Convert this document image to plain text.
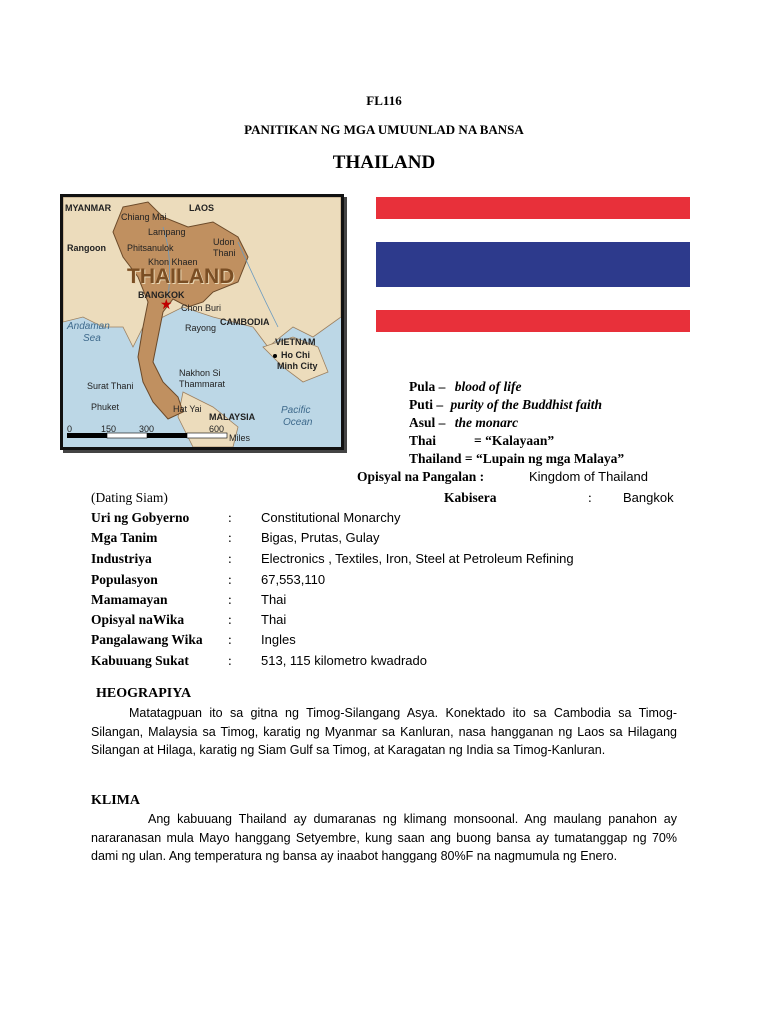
FL116
PANITIKAN NG MGA UMUUNLAD NA BANSA
THAILAND
MYANMAR	LAOS
Chiang Mai
Lampang
Rangoon Phitsanulok
Udon
Thani
Khon Khaen
THAILAND
BANGKOK
★ Chon Buri
Rayong
CAMBODIA
Andaman
Sea	VIETNAM
Ho Chi
Minh City
Nakhon Si
Thammarat
Surat Thani
Phuket	Hat Yai
MALAYSIA
Pacific
Ocean
0	150	300	600
Miles
Pula – blood of life
Puti – purity of the Buddhist faith
Asul – the monarc
Thai	= “Kalayaan”
Thailand = “Lupain ng mga Malaya”
Opisyal na Pangalan :	Kingdom of Thailand
(Dating Siam)	Kabisera	: Bangkok
Uri ng Gobyerno	: Constitutional Monarchy
Mga Tanim	: Bigas, Prutas, Gulay
Industriya	: Electronics , Textiles, Iron, Steel at Petroleum Refining
Populasyon	: 67,553,110
Mamamayan	: Thai
Opisyal naWika	: Thai
Pangalawang Wika : Ingles
Kabuuang Sukat	: 513, 115 kilometro kwadrado
HEOGRAPIYA
Matatagpuan ito sa gitna ng Timog-Silangang Asya. Konektado ito sa Cambodia sa Timog-Silangan, Malaysia sa Timog, karatig ng Myanmar sa Kanluran, nasa hangganan ng Laos sa Hilagang Silangan at Hilaga, karatig ng Siam Gulf sa Timog, at Karagatan ng India sa Timog-Kanluran.
KLIMA
Ang kabuuang Thailand ay dumaranas ng klimang monsoonal. Ang maulang panahon ay nararanasan mula Mayo hanggang Setyembre, kung saan ang buong bansa ay tumatanggap ng 70% dami ng ulan. Ang temperatura ng bansa ay inaabot hanggang 80%F na nagmumula ng Enero.
